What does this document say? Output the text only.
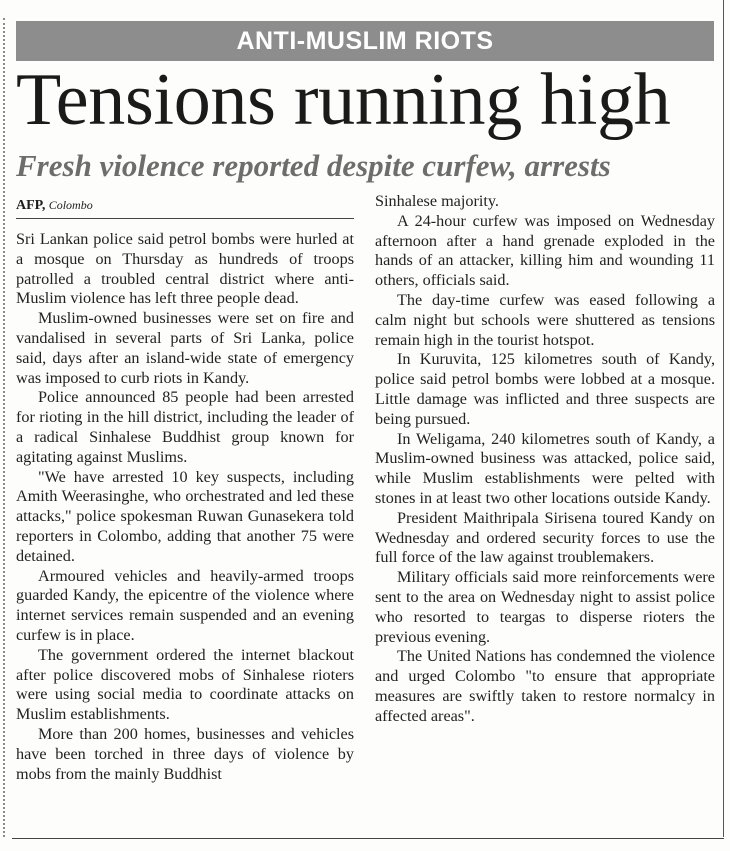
ANTI-MUSLIM RIOTS
Tensions running high
Fresh violence reported despite curfew, arrests
AFP, Colombo

Sri Lankan police said petrol bombs were hurled at a mosque on Thursday as hundreds of troops patrolled a troubled central district where anti-Muslim violence has left three people dead.

Muslim-owned businesses were set on fire and vandalised in several parts of Sri Lanka, police said, days after an island-wide state of emergency was imposed to curb riots in Kandy.

Police announced 85 people had been arrested for rioting in the hill district, including the leader of a radical Sinhalese Buddhist group known for agitating against Muslims.

"We have arrested 10 key suspects, including Amith Weerasinghe, who orchestrated and led these attacks," police spokesman Ruwan Gunasekera told reporters in Colombo, adding that another 75 were detained.

Armoured vehicles and heavily-armed troops guarded Kandy, the epicentre of the violence where internet services remain suspended and an evening curfew is in place.

The government ordered the internet blackout after police discovered mobs of Sinhalese rioters were using social media to coordinate attacks on Muslim establishments.

More than 200 homes, businesses and vehicles have been torched in three days of violence by mobs from the mainly Buddhist

Sinhalese majority.

A 24-hour curfew was imposed on Wednesday afternoon after a hand grenade exploded in the hands of an attacker, killing him and wounding 11 others, officials said.

The day-time curfew was eased following a calm night but schools were shuttered as tensions remain high in the tourist hotspot.

In Kuruvita, 125 kilometres south of Kandy, police said petrol bombs were lobbed at a mosque. Little damage was inflicted and three suspects are being pursued.

In Weligama, 240 kilometres south of Kandy, a Muslim-owned business was attacked, police said, while Muslim establishments were pelted with stones in at least two other locations outside Kandy.

President Maithripala Sirisena toured Kandy on Wednesday and ordered security forces to use the full force of the law against troublemakers.

Military officials said more reinforcements were sent to the area on Wednesday night to assist police who resorted to teargas to disperse rioters the previous evening.

The United Nations has condemned the violence and urged Colombo "to ensure that appropriate measures are swiftly taken to restore normalcy in affected areas".
